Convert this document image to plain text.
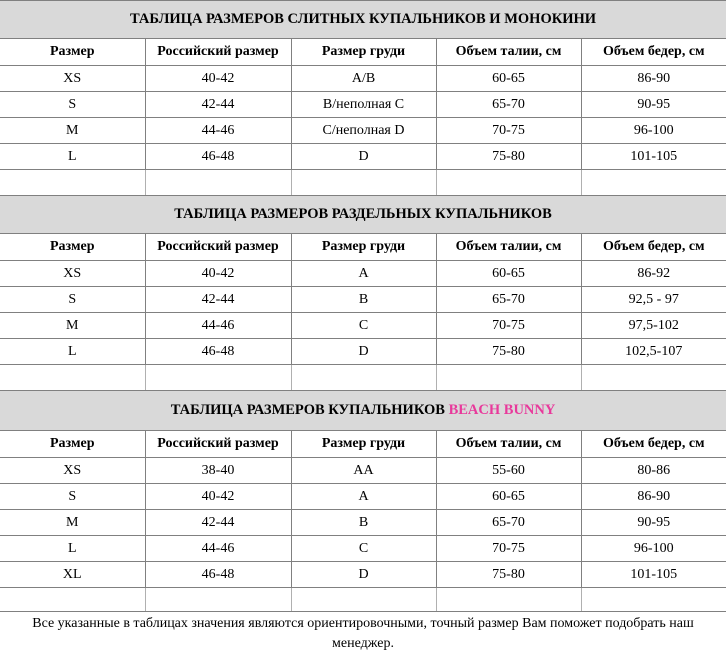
ТАБЛИЦА РАЗМЕРОВ СЛИТНЫХ КУПАЛЬНИКОВ И МОНОКИНИ				
Размер	Российский размер	Размер груди	Объем талии, см	Объем бедер, см
XS	40-42	A/B	60-65	86-90
S	42-44	B/неполная C	65-70	90-95
M	44-46	C/неполная D	70-75	96-100
L	46-48	D	75-80	101-105

ТАБЛИЦА РАЗМЕРОВ РАЗДЕЛЬНЫХ КУПАЛЬНИКОВ				
Размер	Российский размер	Размер груди	Объем талии, см	Объем бедер, см
XS	40-42	A	60-65	86-92
S	42-44	B	65-70	92,5 - 97
M	44-46	C	70-75	97,5-102
L	46-48	D	75-80	102,5-107

ТАБЛИЦА РАЗМЕРОВ КУПАЛЬНИКОВ BEACH BUNNY				
Размер	Российский размер	Размер груди	Объем талии, см	Объем бедер, см
XS	38-40	AA	55-60	80-86
S	40-42	A	60-65	86-90
M	42-44	B	65-70	90-95
L	44-46	C	70-75	96-100
XL	46-48	D	75-80	101-105

Все указанные в таблицах значения являются ориентировочными, точный размер Вам поможет подобрать наш менеджер.				
